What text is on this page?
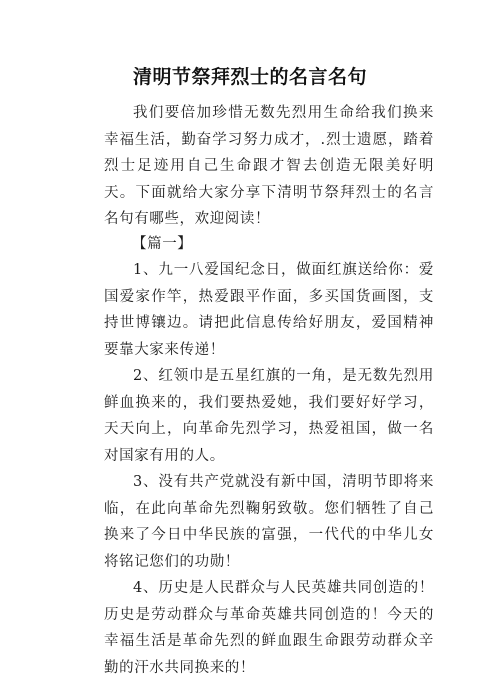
清明节祭拜烈士的名言名句

我们要倍加珍惜无数先烈用生命给我们换来幸福生活，勤奋学习努力成才，.烈士遗愿，踏着烈士足迹用自己生命跟才智去创造无限美好明天。下面就给大家分享下清明节祭拜烈士的名言名句有哪些，欢迎阅读！

【篇一】

1、九一八爱国纪念日，做面红旗送给你：爱国爱家作竿，热爱跟平作面，多买国货画图，支持世博镶边。请把此信息传给好朋友，爱国精神要靠大家来传递！

2、红领巾是五星红旗的一角，是无数先烈用鲜血换来的，我们要热爱她，我们要好好学习，天天向上，向革命先烈学习，热爱祖国，做一名对国家有用的人。

3、没有共产党就没有新中国，清明节即将来临，在此向革命先烈鞠躬致敬。您们牺牲了自己换来了今日中华民族的富强，一代代的中华儿女将铭记您们的功勋！

4、历史是人民群众与人民英雄共同创造的！历史是劳动群众与革命英雄共同创造的！今天的幸福生活是革命先烈的鲜血跟生命跟劳动群众辛勤的汗水共同换来的！
